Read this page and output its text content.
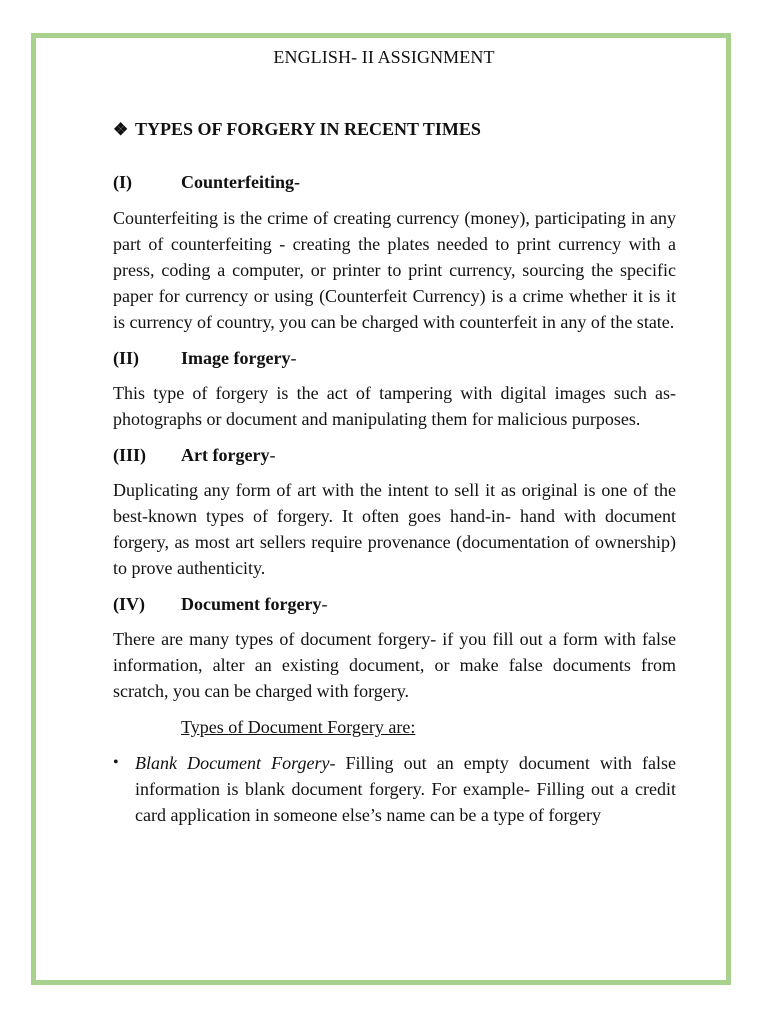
ENGLISH- II ASSIGNMENT
❖ TYPES OF FORGERY IN RECENT TIMES
(I)	Counterfeiting-

Counterfeiting is the crime of creating currency (money), participating in any part of counterfeiting - creating the plates needed to print currency with a press, coding a computer, or printer to print currency, sourcing the specific paper for currency or using (Counterfeit Currency) is a crime whether it is it is currency of country, you can be charged with counterfeit in any of the state.

(II)	Image forgery-

This type of forgery is the act of tampering with digital images such as- photographs or document and manipulating them for malicious purposes.

(III)	Art forgery-

Duplicating any form of art with the intent to sell it as original is one of the best-known types of forgery. It often goes hand-in- hand with document forgery, as most art sellers require provenance (documentation of ownership) to prove authenticity.

(IV)	Document forgery-

There are many types of document forgery- if you fill out a form with false information, alter an existing document, or make false documents from scratch, you can be charged with forgery.

Types of Document Forgery are:
• Blank Document Forgery- Filling out an empty document with false information is blank document forgery. For example- Filling out a credit card application in someone else’s name can be a type of forgery
